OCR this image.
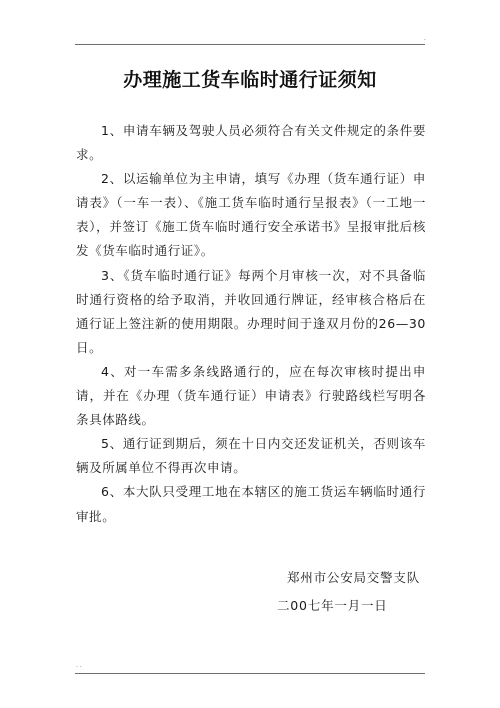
.
办理施工货车临时通行证须知

1、申请车辆及驾驶人员必须符合有关文件规定的条件要求。

2、以运输单位为主申请，填写《办理（货车通行证）申请表》（一车一表）、《施工货车临时通行呈报表》（一工地一表），并签订《施工货车临时通行安全承诺书》呈报审批后核发《货车临时通行证》。

3、《货车临时通行证》每两个月审核一次，对不具备临时通行资格的给予取消，并收回通行牌证，经审核合格后在通行证上签注新的使用期限。办理时间于逢双月份的26—30日。

4、对一车需多条线路通行的，应在每次审核时提出申请，并在《办理（货车通行证）申请表》行驶路线栏写明各条具体路线。

5、通行证到期后，须在十日内交还发证机关，否则该车辆及所属单位不得再次申请。

6、本大队只受理工地在本辖区的施工货运车辆临时通行审批。

郑州市公安局交警支队
二00七年一月一日
. .
